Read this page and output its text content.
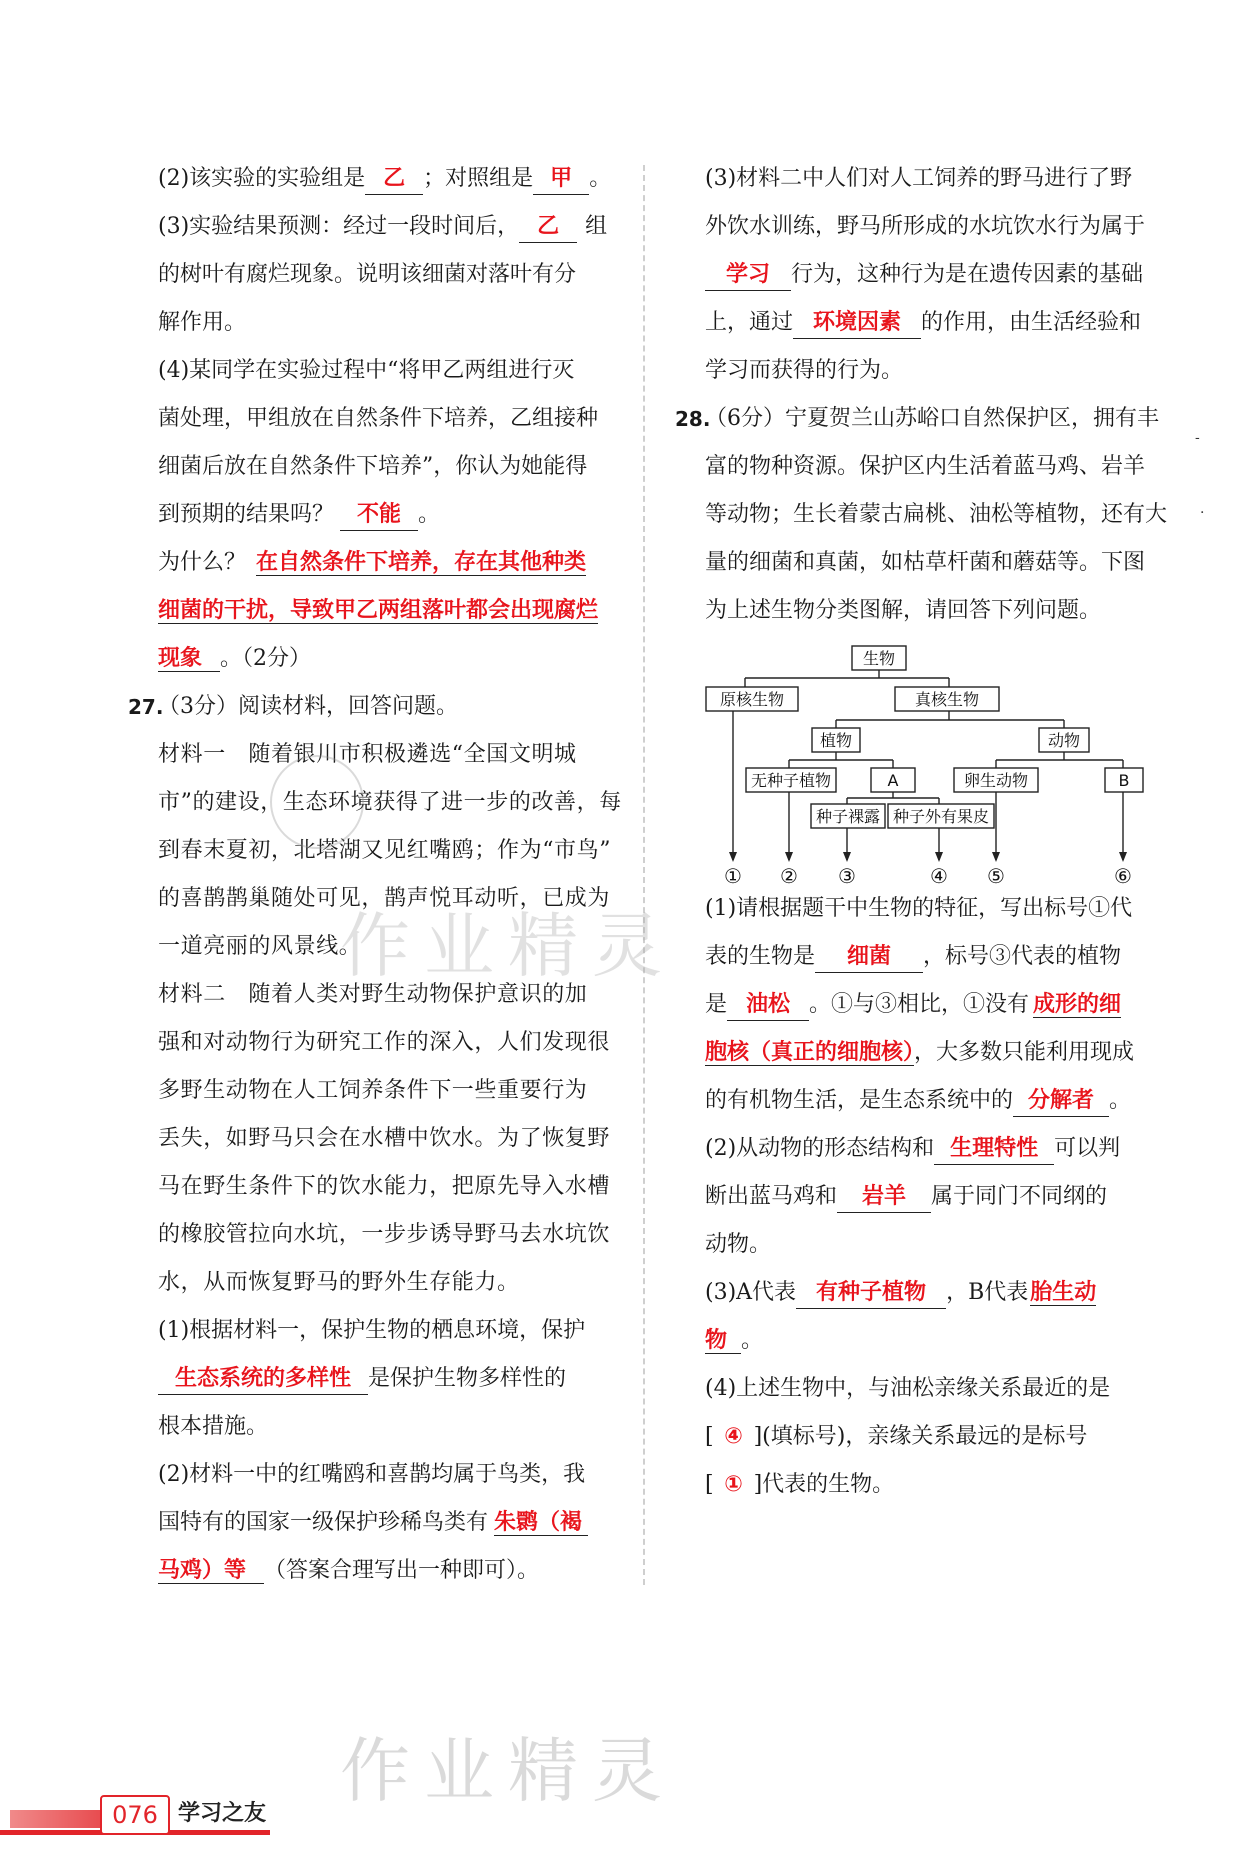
(2)该实验的实验组是 乙 ；对照组是 甲 。
(3)实验结果预测：经过一段时间后， 乙 组
的树叶有腐烂现象。说明该细菌对落叶有分
解作用。
(4)某同学在实验过程中“将甲乙两组进行灭
菌处理，甲组放在自然条件下培养，乙组接种
细菌后放在自然条件下培养”，你认为她能得
到预期的结果吗？ 不能 。
为什么？ 在自然条件下培养，存在其他种类
细菌的干扰，导致甲乙两组落叶都会出现腐烂
现象 。（2分）
27.
（3分）阅读材料，回答问题。
材料一　随着银川市积极遴选“全国文明城
市”的建设，生态环境获得了进一步的改善，每
到春末夏初，北塔湖又见红嘴鸥；作为“市鸟”
的喜鹊鹊巢随处可见，鹊声悦耳动听，已成为
一道亮丽的风景线。
材料二　随着人类对野生动物保护意识的加
强和对动物行为研究工作的深入，人们发现很
多野生动物在人工饲养条件下一些重要行为
丢失，如野马只会在水槽中饮水。为了恢复野
马在野生条件下的饮水能力，把原先导入水槽
的橡胶管拉向水坑，一步步诱导野马去水坑饮
水，从而恢复野马的野外生存能力。
(1)根据材料一，保护生物的栖息环境，保护
生态系统的多样性 是保护生物多样性的
根本措施。
(2)材料一中的红嘴鸥和喜鹊均属于鸟类，我
国特有的国家一级保护珍稀鸟类有 朱鹮（褐
马鸡）等 （答案合理写出一种即可）。
(3)材料二中人们对人工饲养的野马进行了野
外饮水训练，野马所形成的水坑饮水行为属于
学习 行为，这种行为是在遗传因素的基础
上，通过 环境因素 的作用，由生活经验和
学习而获得的行为。
28.
（6分）宁夏贺兰山苏峪口自然保护区，拥有丰
富的物种资源。保护区内生活着蓝马鸡、岩羊
等动物；生长着蒙古扁桃、油松等植物，还有大
量的细菌和真菌，如枯草杆菌和蘑菇等。下图
为上述生物分类图解，请回答下列问题。
(1)请根据题干中生物的特征，写出标号①代
表的生物是 细菌 ，标号③代表的植物
是 油松 。①与③相比，①没有 成形的细
胞核（真正的细胞核），大多数只能利用现成
的有机物生活，是生态系统中的 分解者 。
(2)从动物的形态结构和 生理特性 可以判
断出蓝马鸡和 岩羊 属于同门不同纲的
动物。
(3)A代表 有种子植物 ，B代表胎生动
物 。
(4)上述生物中，与油松亲缘关系最近的是
[ ④ ](填标号)，亲缘关系最远的是标号
[ ① ]代表的生物。
生物
原核生物	真核生物
植物	动物
无种子植物	A	卵生动物	B
种子裸露 种子外有果皮
① ② ③	④ ⑤	⑥
作业精灵
作业精灵
-
·
076 学习之友
